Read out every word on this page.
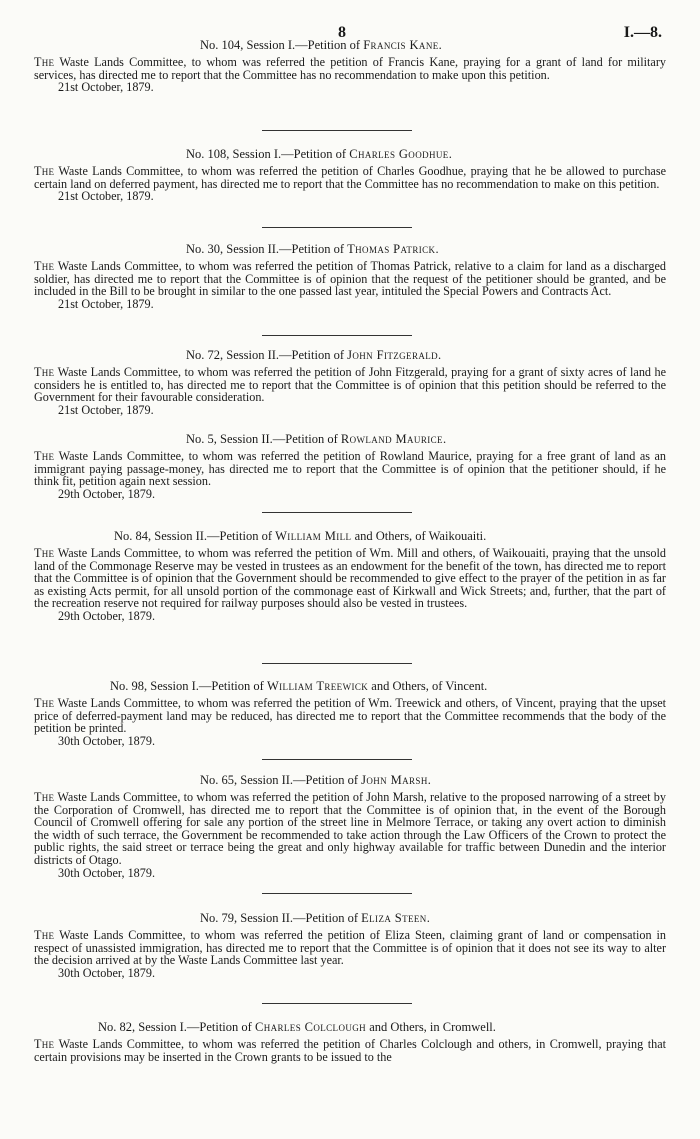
8	I.—8.
No. 104, Session I.—Petition of Francis Kane.
The Waste Lands Committee, to whom was referred the petition of Francis Kane, praying for a grant of land for military services, has directed me to report that the Committee has no recommendation to make upon this petition.
21st October, 1879.
No. 108, Session I.—Petition of Charles Goodhue.
The Waste Lands Committee, to whom was referred the petition of Charles Goodhue, praying that he be allowed to purchase certain land on deferred payment, has directed me to report that the Committee has no recommendation to make on this petition.
21st October, 1879.
No. 30, Session II.—Petition of Thomas Patrick.
The Waste Lands Committee, to whom was referred the petition of Thomas Patrick, relative to a claim for land as a discharged soldier, has directed me to report that the Committee is of opinion that the request of the petitioner should be granted, and be included in the Bill to be brought in similar to the one passed last year, intituled the Special Powers and Contracts Act.
21st October, 1879.
No. 72, Session II.—Petition of John Fitzgerald.
The Waste Lands Committee, to whom was referred the petition of John Fitzgerald, praying for a grant of sixty acres of land he considers he is entitled to, has directed me to report that the Committee is of opinion that this petition should be referred to the Government for their favourable consideration.
21st October, 1879.
No. 5, Session II.—Petition of Rowland Maurice.
The Waste Lands Committee, to whom was referred the petition of Rowland Maurice, praying for a free grant of land as an immigrant paying passage-money, has directed me to report that the Committee is of opinion that the petitioner should, if he think fit, petition again next session.
29th October, 1879.
No. 84, Session II.—Petition of William Mill and Others, of Waikouaiti.
The Waste Lands Committee, to whom was referred the petition of Wm. Mill and others, of Waikouaiti, praying that the unsold land of the Commonage Reserve may be vested in trustees as an endowment for the benefit of the town, has directed me to report that the Committee is of opinion that the Government should be recommended to give effect to the prayer of the petition in as far as existing Acts permit, for all unsold portion of the commonage east of Kirkwall and Wick Streets; and, further, that the part of the recreation reserve not required for railway purposes should also be vested in trustees.
29th October, 1879.
No. 98, Session I.—Petition of William Treewick and Others, of Vincent.
The Waste Lands Committee, to whom was referred the petition of Wm. Treewick and others, of Vincent, praying that the upset price of deferred-payment land may be reduced, has directed me to report that the Committee recommends that the body of the petition be printed.
30th October, 1879.
No. 65, Session II.—Petition of John Marsh.
The Waste Lands Committee, to whom was referred the petition of John Marsh, relative to the proposed narrowing of a street by the Corporation of Cromwell, has directed me to report that the Committee is of opinion that, in the event of the Borough Council of Cromwell offering for sale any portion of the street line in Melmore Terrace, or taking any overt action to diminish the width of such terrace, the Government be recommended to take action through the Law Officers of the Crown to protect the public rights, the said street or terrace being the great and only highway available for traffic between Dunedin and the interior districts of Otago.
30th October, 1879.
No. 79, Session II.—Petition of Eliza Steen.
The Waste Lands Committee, to whom was referred the petition of Eliza Steen, claiming grant of land or compensation in respect of unassisted immigration, has directed me to report that the Committee is of opinion that it does not see its way to alter the decision arrived at by the Waste Lands Committee last year.
30th October, 1879.
No. 82, Session I.—Petition of Charles Colclough and Others, in Cromwell.
The Waste Lands Committee, to whom was referred the petition of Charles Colclough and others, in Cromwell, praying that certain provisions may be inserted in the Crown grants to be issued to the
